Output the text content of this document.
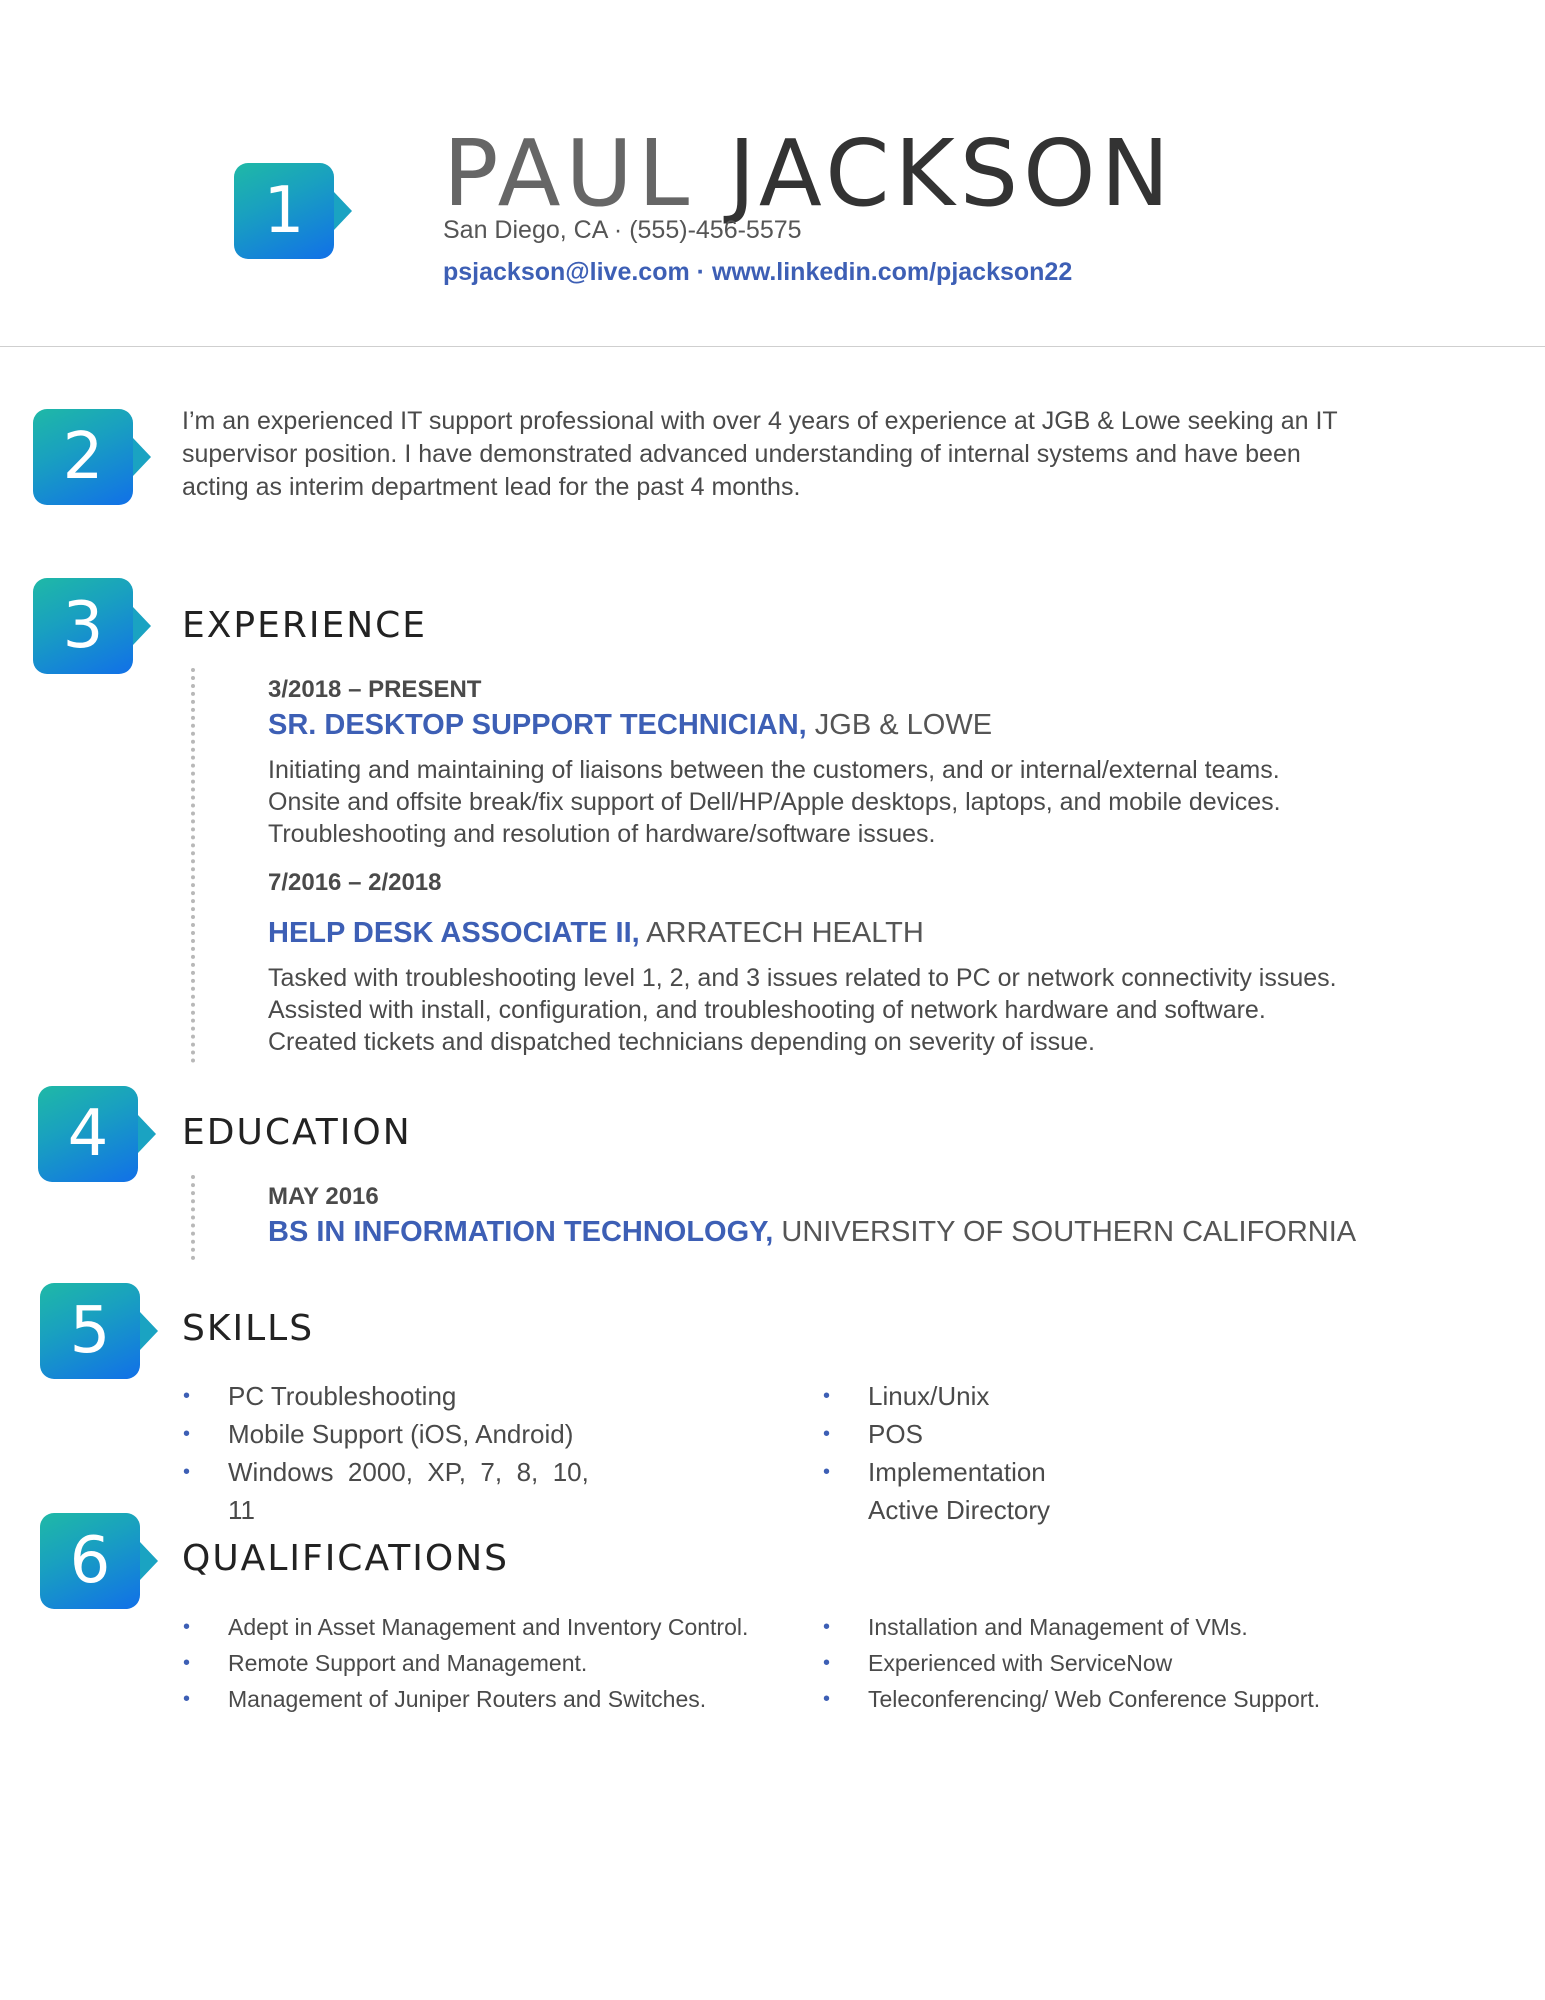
1	PAUL JACKSON
San Diego, CA · (555)-456-5575
psjackson@live.com · www.linkedin.com/pjackson22
2	I’m an experienced IT support professional with over 4 years of experience at JGB & Lowe seeking an IT
supervisor position. I have demonstrated advanced understanding of internal systems and have been
acting as interim department lead for the past 4 months.
3	EXPERIENCE
3/2018 – PRESENT
SR. DESKTOP SUPPORT TECHNICIAN, JGB & LOWE
Initiating and maintaining of liaisons between the customers, and or internal/external teams.
Onsite and offsite break/fix support of Dell/HP/Apple desktops, laptops, and mobile devices.
Troubleshooting and resolution of hardware/software issues.
7/2016 – 2/2018
HELP DESK ASSOCIATE II, ARRATECH HEALTH
Tasked with troubleshooting level 1, 2, and 3 issues related to PC or network connectivity issues.
Assisted with install, configuration, and troubleshooting of network hardware and software.
Created tickets and dispatched technicians depending on severity of issue.
4	EDUCATION
MAY 2016
BS IN INFORMATION TECHNOLOGY, UNIVERSITY OF SOUTHERN CALIFORNIA
5	SKILLS
• PC Troubleshooting
• Mobile Support (iOS, Android)
• Windows  2000,  XP,  7,  8,  10,
11
• Linux/Unix
• POS
• Implementation
Active Directory
6	QUALIFICATIONS
• Adept in Asset Management and Inventory Control.
• Remote Support and Management.
• Management of Juniper Routers and Switches.
• Installation and Management of VMs.
• Experienced with ServiceNow
• Teleconferencing/ Web Conference Support.
